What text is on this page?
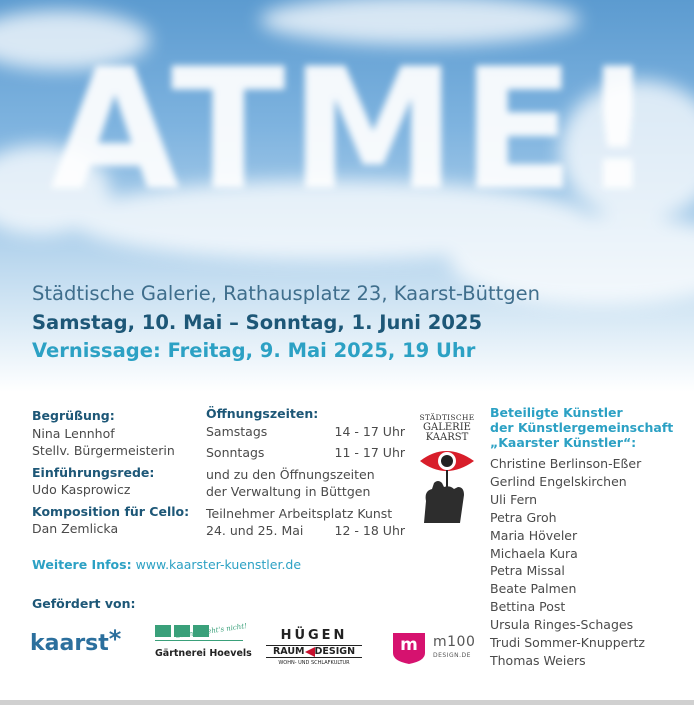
ATME!
Städtische Galerie, Rathausplatz 23, Kaarst-Büttgen
Samstag, 10. Mai – Sonntag, 1. Juni 2025
Vernissage: Freitag, 9. Mai 2025, 19 Uhr
Begrüßung:
Nina Lennhof
Stellv. Bürgermeisterin
Einführungsrede:
Udo Kasprowicz
Komposition für Cello:
Dan Zemlicka
Öffnungszeiten:
Samstags	14 - 17 Uhr
Sonntags	11 - 17 Uhr
und zu den Öffnungszeiten
der Verwaltung in Büttgen
Teilnehmer Arbeitsplatz Kunst
24. und 25. Mai 12 - 18 Uhr
STÄDTISCHE
GALERIE
KAARST
Beteiligte Künstler
der Künstlergemeinschaft
„Kaarster Künstler“:
Christine Berlinson-Eßer
Gerlind Engelskirchen
Uli Fern
Petra Groh
Maria Höveler
Michaela Kura
Petra Missal
Beate Palmen
Bettina Post
Ursula Ringes-Schages
Trudi Sommer-Knuppertz
Thomas Weiers
Weitere Infos: www.kaarster-kuenstler.de
Gefördert von:
kaarst*	Grüner geht's nicht!
Gärtnerei Hoevels
HÜGEN
RAUM DESIGN
WOHN- UND SCHLAFKULTUR
m	m100
DESIGN.DE
